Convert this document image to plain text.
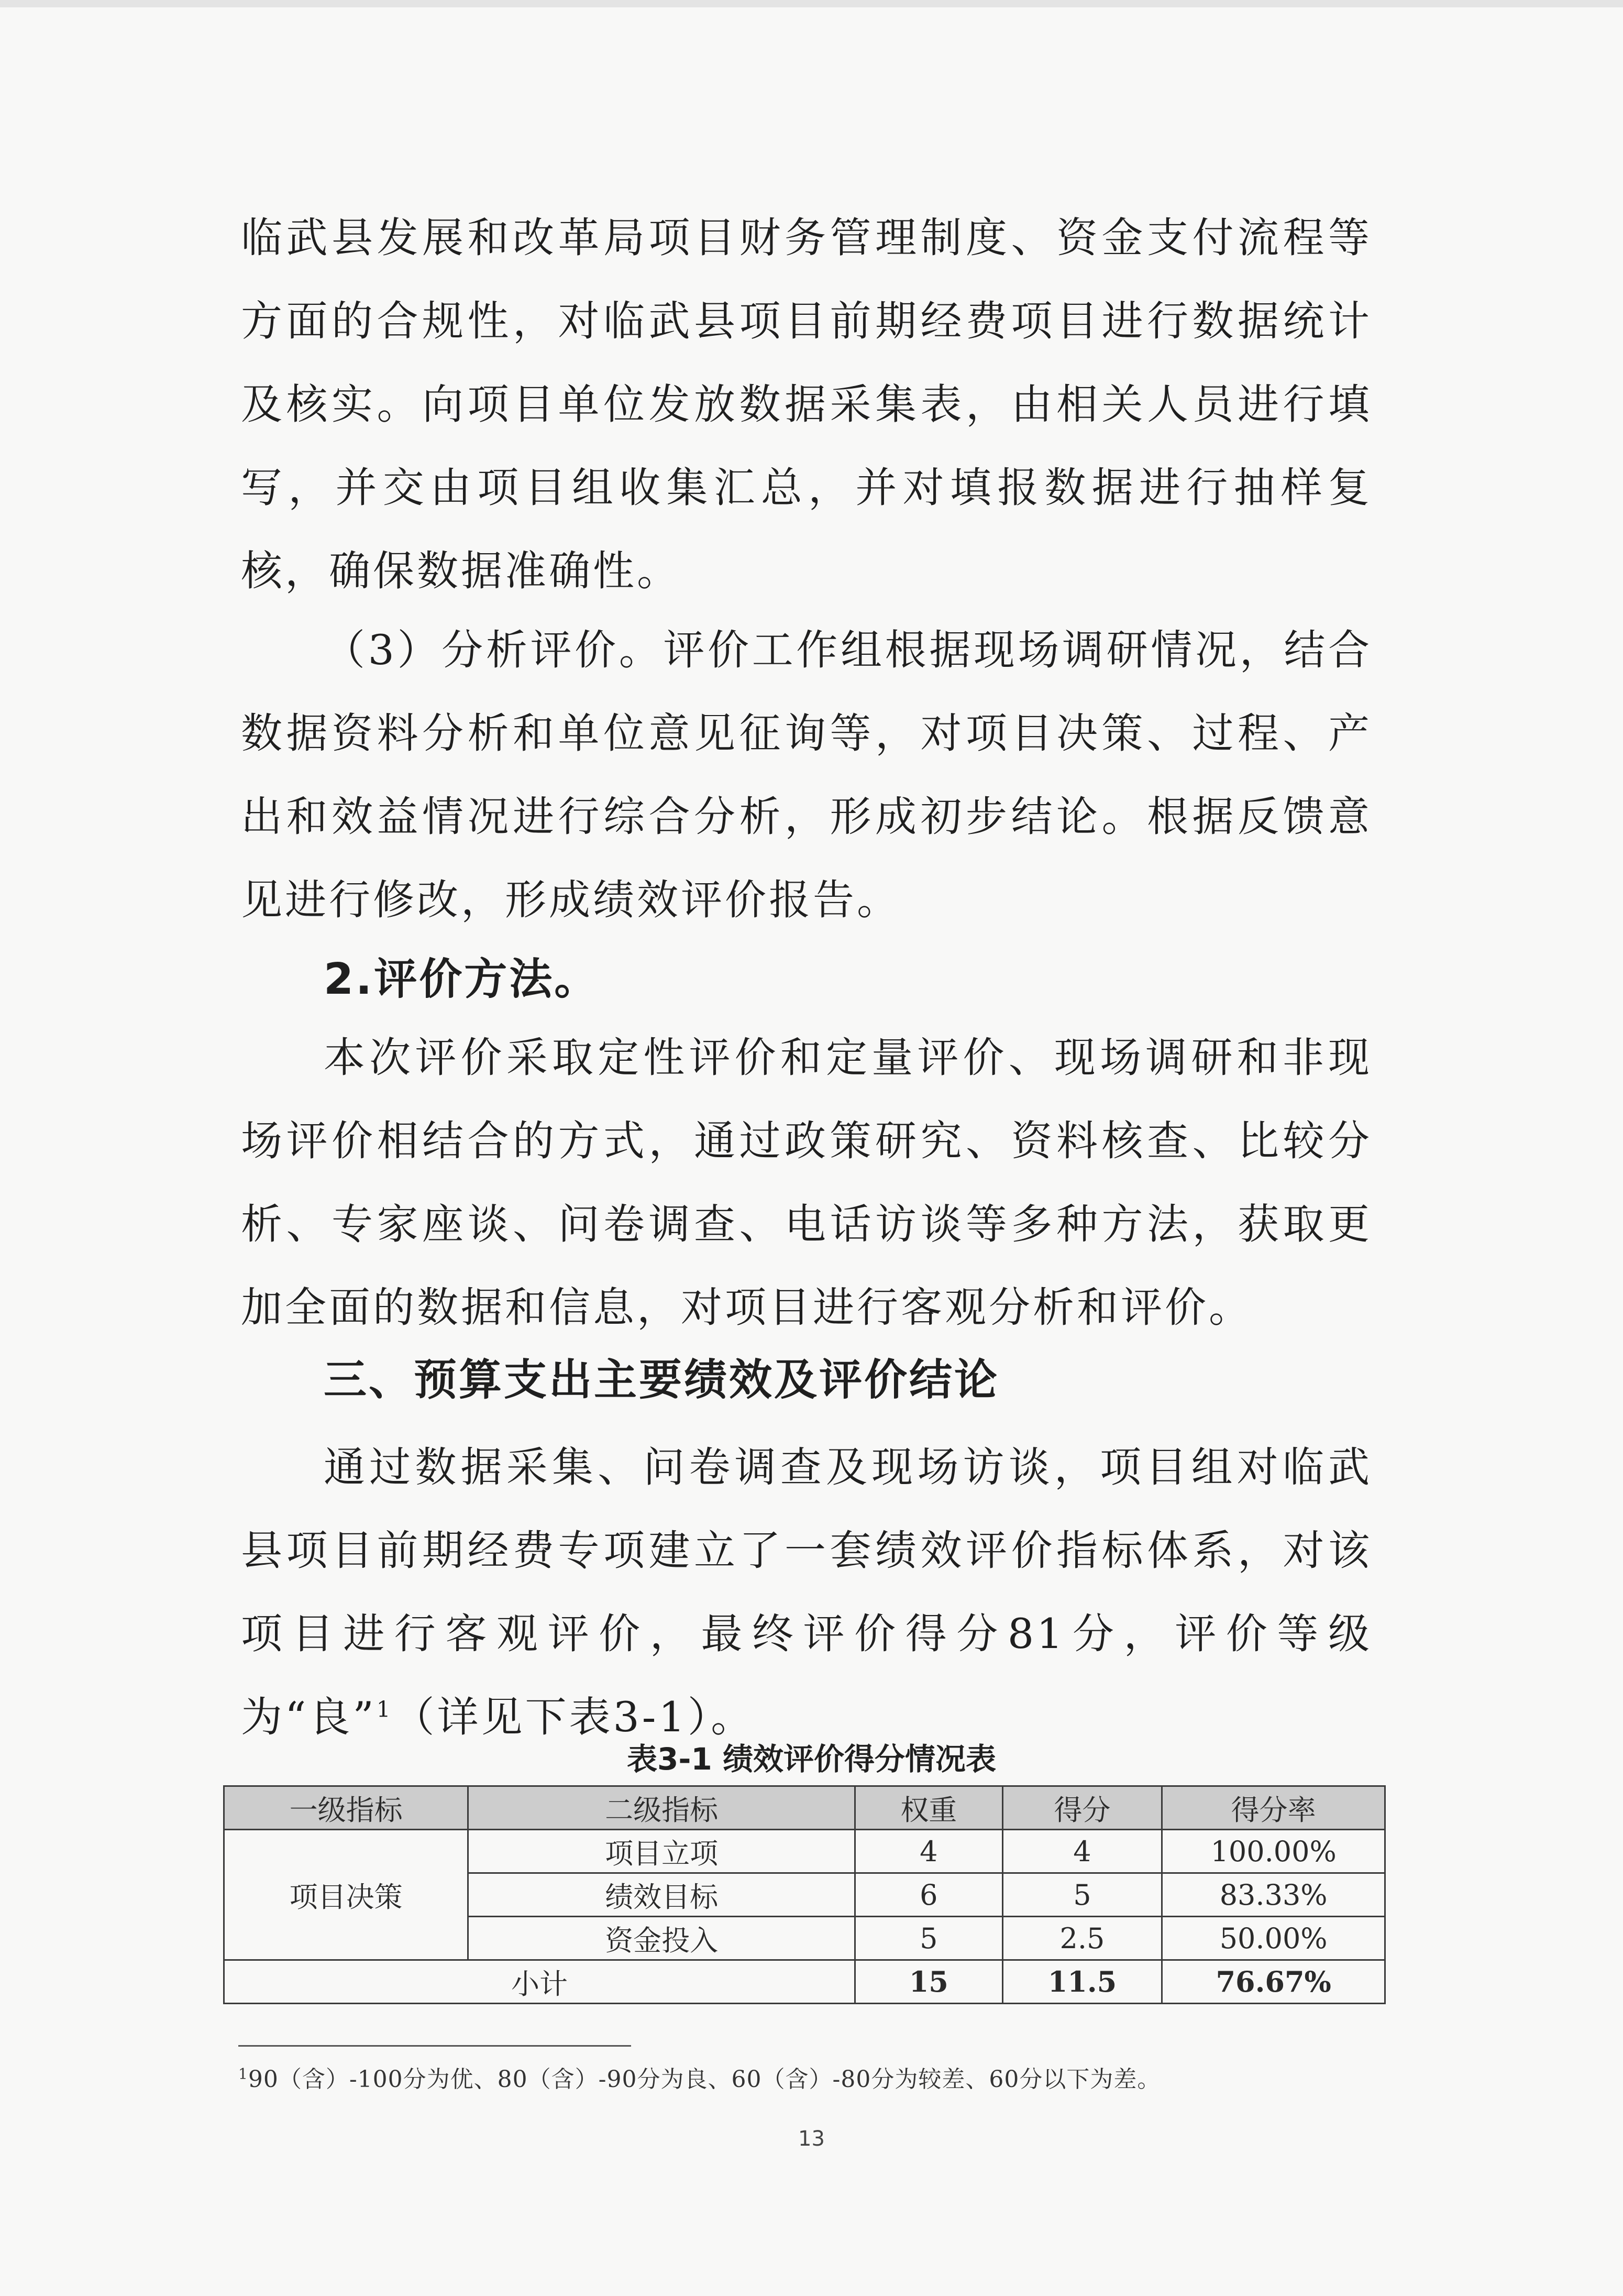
临武县发展和改革局项目财务管理制度、资金支付流程等方面的合规性，对临武县项目前期经费项目进行数据统计及核实。向项目单位发放数据采集表，由相关人员进行填写，并交由项目组收集汇总，并对填报数据进行抽样复核，确保数据准确性。

（3）分析评价。评价工作组根据现场调研情况，结合数据资料分析和单位意见征询等，对项目决策、过程、产出和效益情况进行综合分析，形成初步结论。根据反馈意见进行修改，形成绩效评价报告。

2.评价方法。

本次评价采取定性评价和定量评价、现场调研和非现场评价相结合的方式，通过政策研究、资料核查、比较分析、专家座谈、问卷调查、电话访谈等多种方法，获取更加全面的数据和信息，对项目进行客观分析和评价。

三、预算支出主要绩效及评价结论

通过数据采集、问卷调查及现场访谈，项目组对临武县项目前期经费专项建立了一套绩效评价指标体系，对该项目进行客观评价，最终评价得分81分，评价等级为“良”$^1$（详见下表3-1）。

表3-1 绩效评价得分情况表
一级指标	二级指标	权重	得分	得分率
项目决策	项目立项	4	4	100.00%
	绩效目标	6	5	83.33%
	资金投入	5	2.5	50.00%
小计		15	11.5	76.67%
$^1$90（含）-100分为优、80（含）-90分为良、60（含）-80分为较差、60分以下为差。
13
